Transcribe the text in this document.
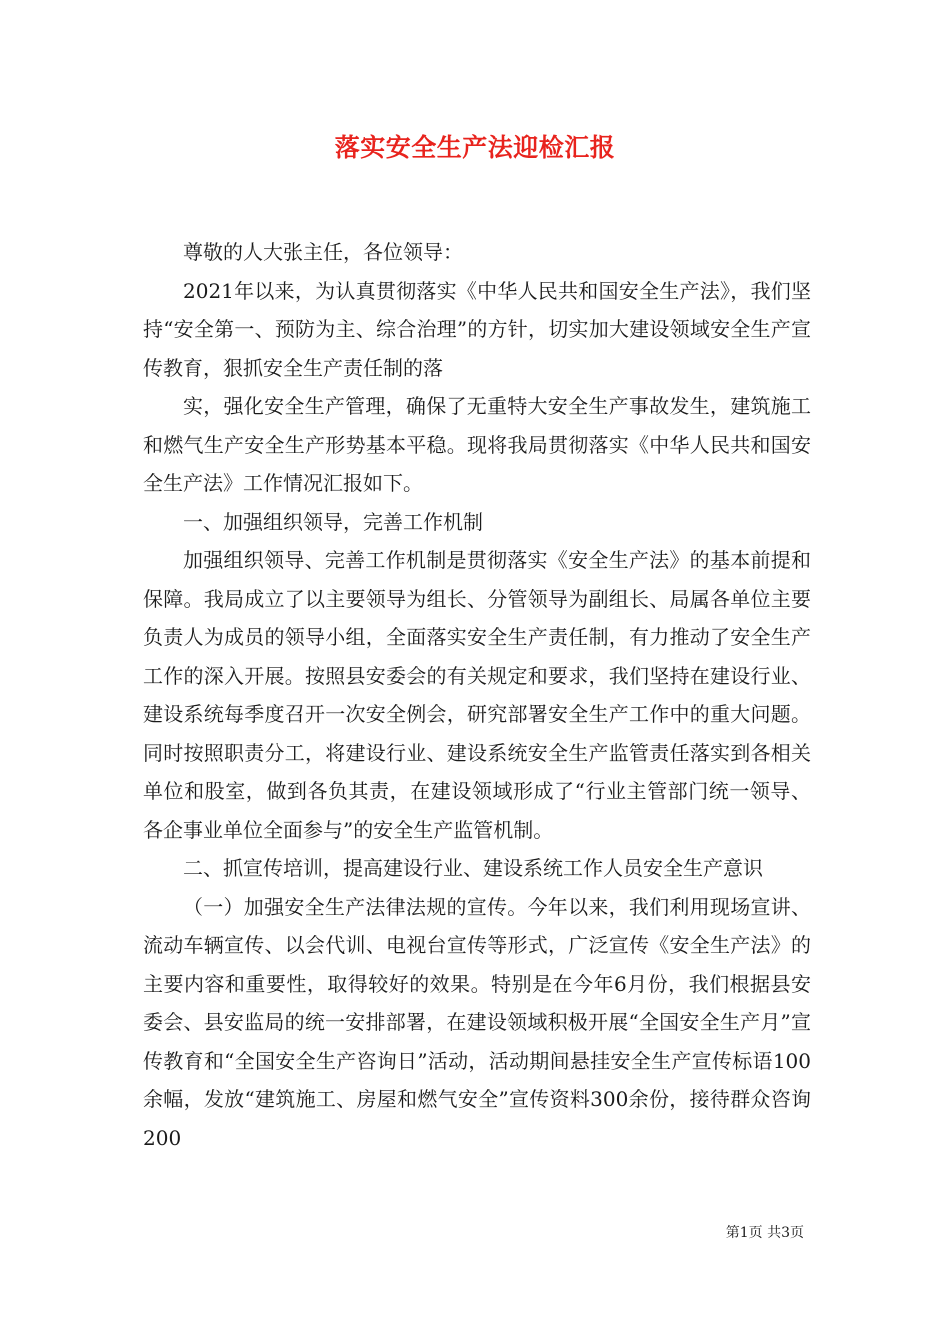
落实安全生产法迎检汇报

尊敬的人大张主任，各位领导：

2021年以来，为认真贯彻落实《中华人民共和国安全生产法》，我们坚持“安全第一、预防为主、综合治理”的方针，切实加大建设领域安全生产宣传教育，狠抓安全生产责任制的落

实，强化安全生产管理，确保了无重特大安全生产事故发生，建筑施工和燃气生产安全生产形势基本平稳。现将我局贯彻落实《中华人民共和国安全生产法》工作情况汇报如下。

一、加强组织领导，完善工作机制

加强组织领导、完善工作机制是贯彻落实《安全生产法》的基本前提和保障。我局成立了以主要领导为组长、分管领导为副组长、局属各单位主要负责人为成员的领导小组，全面落实安全生产责任制，有力推动了安全生产工作的深入开展。按照县安委会的有关规定和要求，我们坚持在建设行业、建设系统每季度召开一次安全例会，研究部署安全生产工作中的重大问题。同时按照职责分工，将建设行业、建设系统安全生产监管责任落实到各相关单位和股室，做到各负其责，在建设领域形成了“行业主管部门统一领导、各企事业单位全面参与”的安全生产监管机制。

二、抓宣传培训，提高建设行业、建设系统工作人员安全生产意识

（一）加强安全生产法律法规的宣传。今年以来，我们利用现场宣讲、流动车辆宣传、以会代训、电视台宣传等形式，广泛宣传《安全生产法》的主要内容和重要性，取得较好的效果。特别是在今年6月份，我们根据县安委会、县安监局的统一安排部署，在建设领域积极开展“全国安全生产月”宣传教育和“全国安全生产咨询日”活动，活动期间悬挂安全生产宣传标语100余幅，发放“建筑施工、房屋和燃气安全”宣传资料300余份，接待群众咨询200

第1页 共3页
